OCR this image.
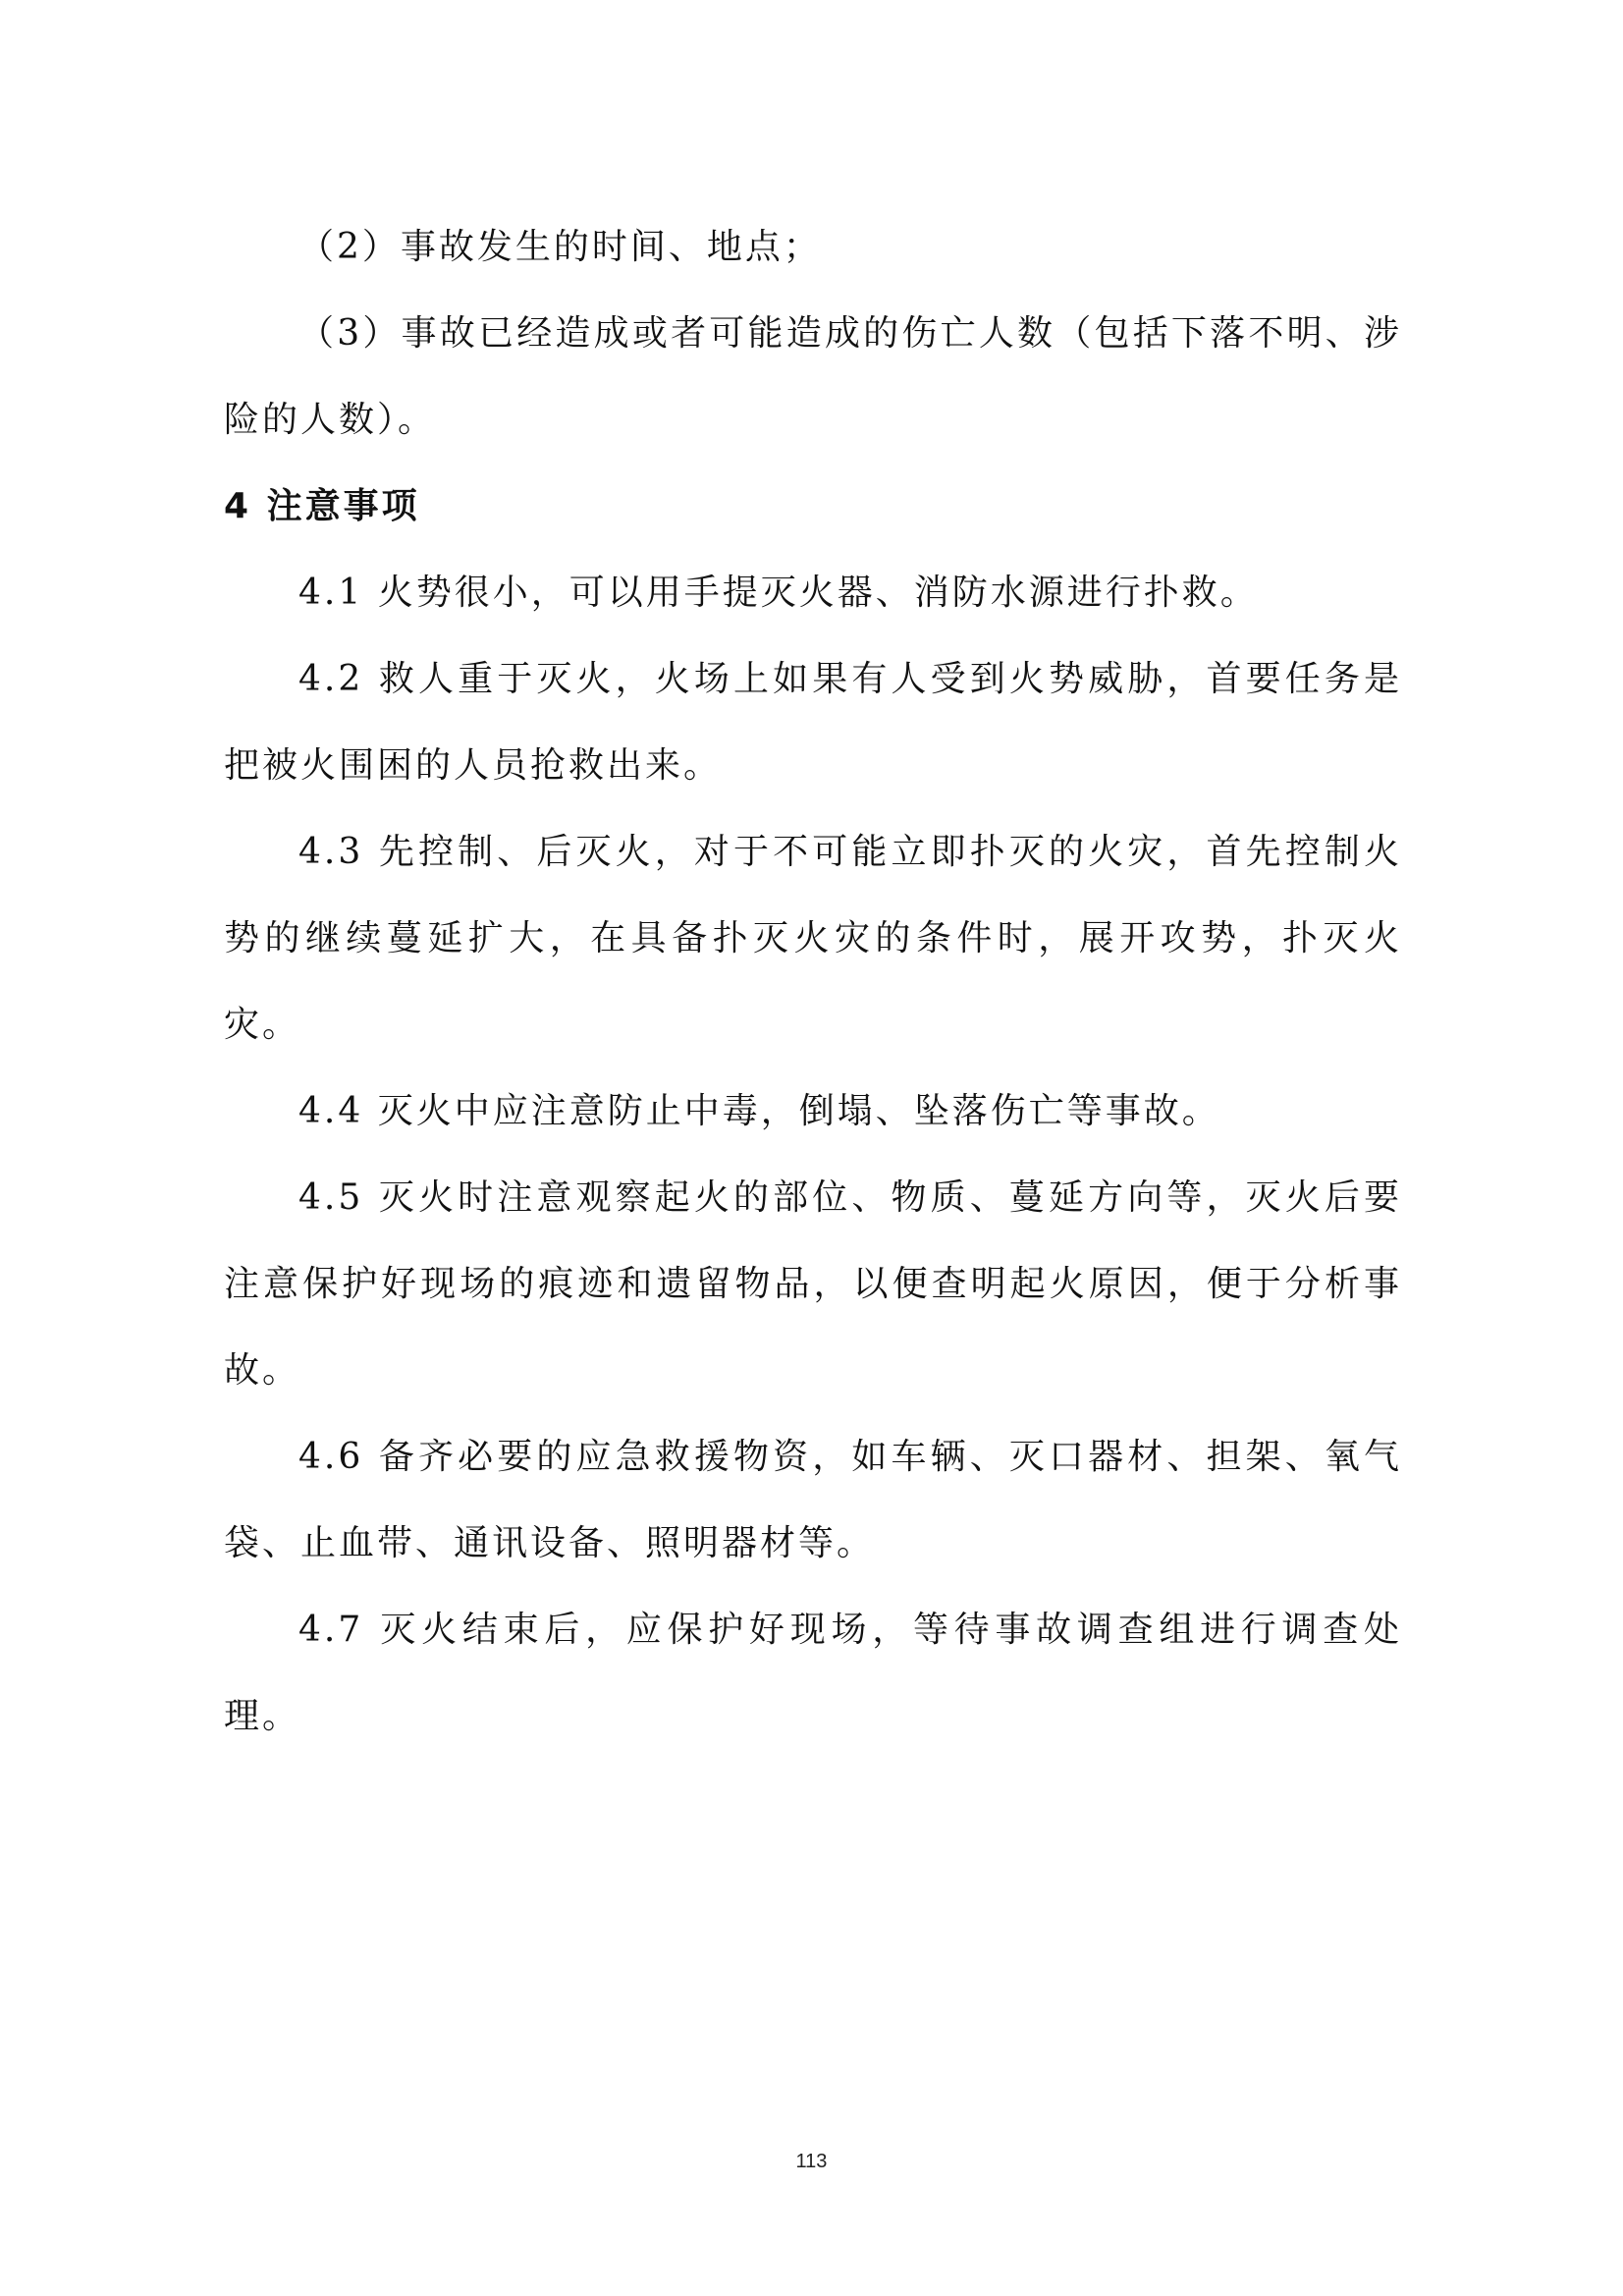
（2）事故发生的时间、地点；

（3）事故已经造成或者可能造成的伤亡人数（包括下落不明、涉险的人数）。

4 注意事项

4.1 火势很小，可以用手提灭火器、消防水源进行扑救。

4.2 救人重于灭火，火场上如果有人受到火势威胁，首要任务是把被火围困的人员抢救出来。

4.3 先控制、后灭火，对于不可能立即扑灭的火灾，首先控制火势的继续蔓延扩大，在具备扑灭火灾的条件时，展开攻势，扑灭火灾。

4.4 灭火中应注意防止中毒，倒塌、坠落伤亡等事故。

4.5 灭火时注意观察起火的部位、物质、蔓延方向等，灭火后要注意保护好现场的痕迹和遗留物品，以便查明起火原因，便于分析事故。

4.6 备齐必要的应急救援物资，如车辆、灭口器材、担架、氧气袋、止血带、通讯设备、照明器材等。

4.7 灭火结束后，应保护好现场，等待事故调查组进行调查处理。

113
